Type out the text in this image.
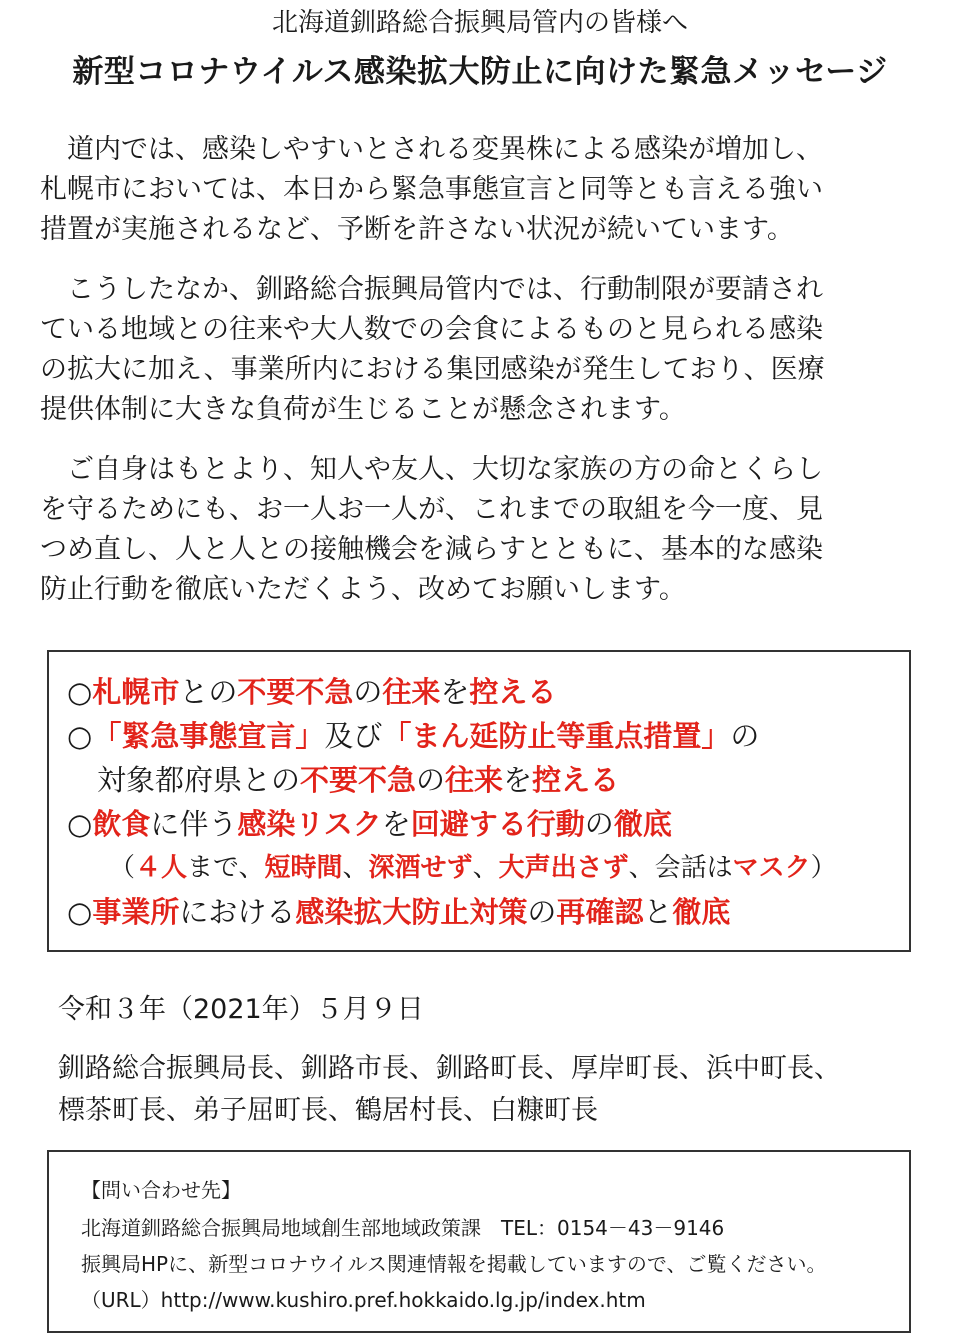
北海道釧路総合振興局管内の皆様へ
新型コロナウイルス感染拡大防止に向けた緊急メッセージ
　道内では、感染しやすいとされる変異株による感染が増加し、
札幌市においては、本日から緊急事態宣言と同等とも言える強い
措置が実施されるなど、予断を許さない状況が続いています。
　こうしたなか、釧路総合振興局管内では、行動制限が要請され
ている地域との往来や大人数での会食によるものと見られる感染
の拡大に加え、事業所内における集団感染が発生しており、医療
提供体制に大きな負荷が生じることが懸念されます。
　ご自身はもとより、知人や友人、大切な家族の方の命とくらし
を守るためにも、お一人お一人が、これまでの取組を今一度、見
つめ直し、人と人との接触機会を減らすとともに、基本的な感染
防止行動を徹底いただくよう、改めてお願いします。
○札幌市との不要不急の往来を控える
○「緊急事態宣言」及び「まん延防止等重点措置」の
対象都府県との不要不急の往来を控える
○飲食に伴う感染リスクを回避する行動の徹底
（４人まで、短時間、深酒せず、大声出さず、会話はマスク）
○事業所における感染拡大防止対策の再確認と徹底
令和３年（2021年）５月９日
釧路総合振興局長、釧路市長、釧路町長、厚岸町長、浜中町長、
標茶町長、弟子屈町長、鶴居村長、白糠町長
【問い合わせ先】
北海道釧路総合振興局地域創生部地域政策課　TEL：0154－43－9146
振興局HPに、新型コロナウイルス関連情報を掲載していますので、ご覧ください。
（URL）http://www.kushiro.pref.hokkaido.lg.jp/index.htm
